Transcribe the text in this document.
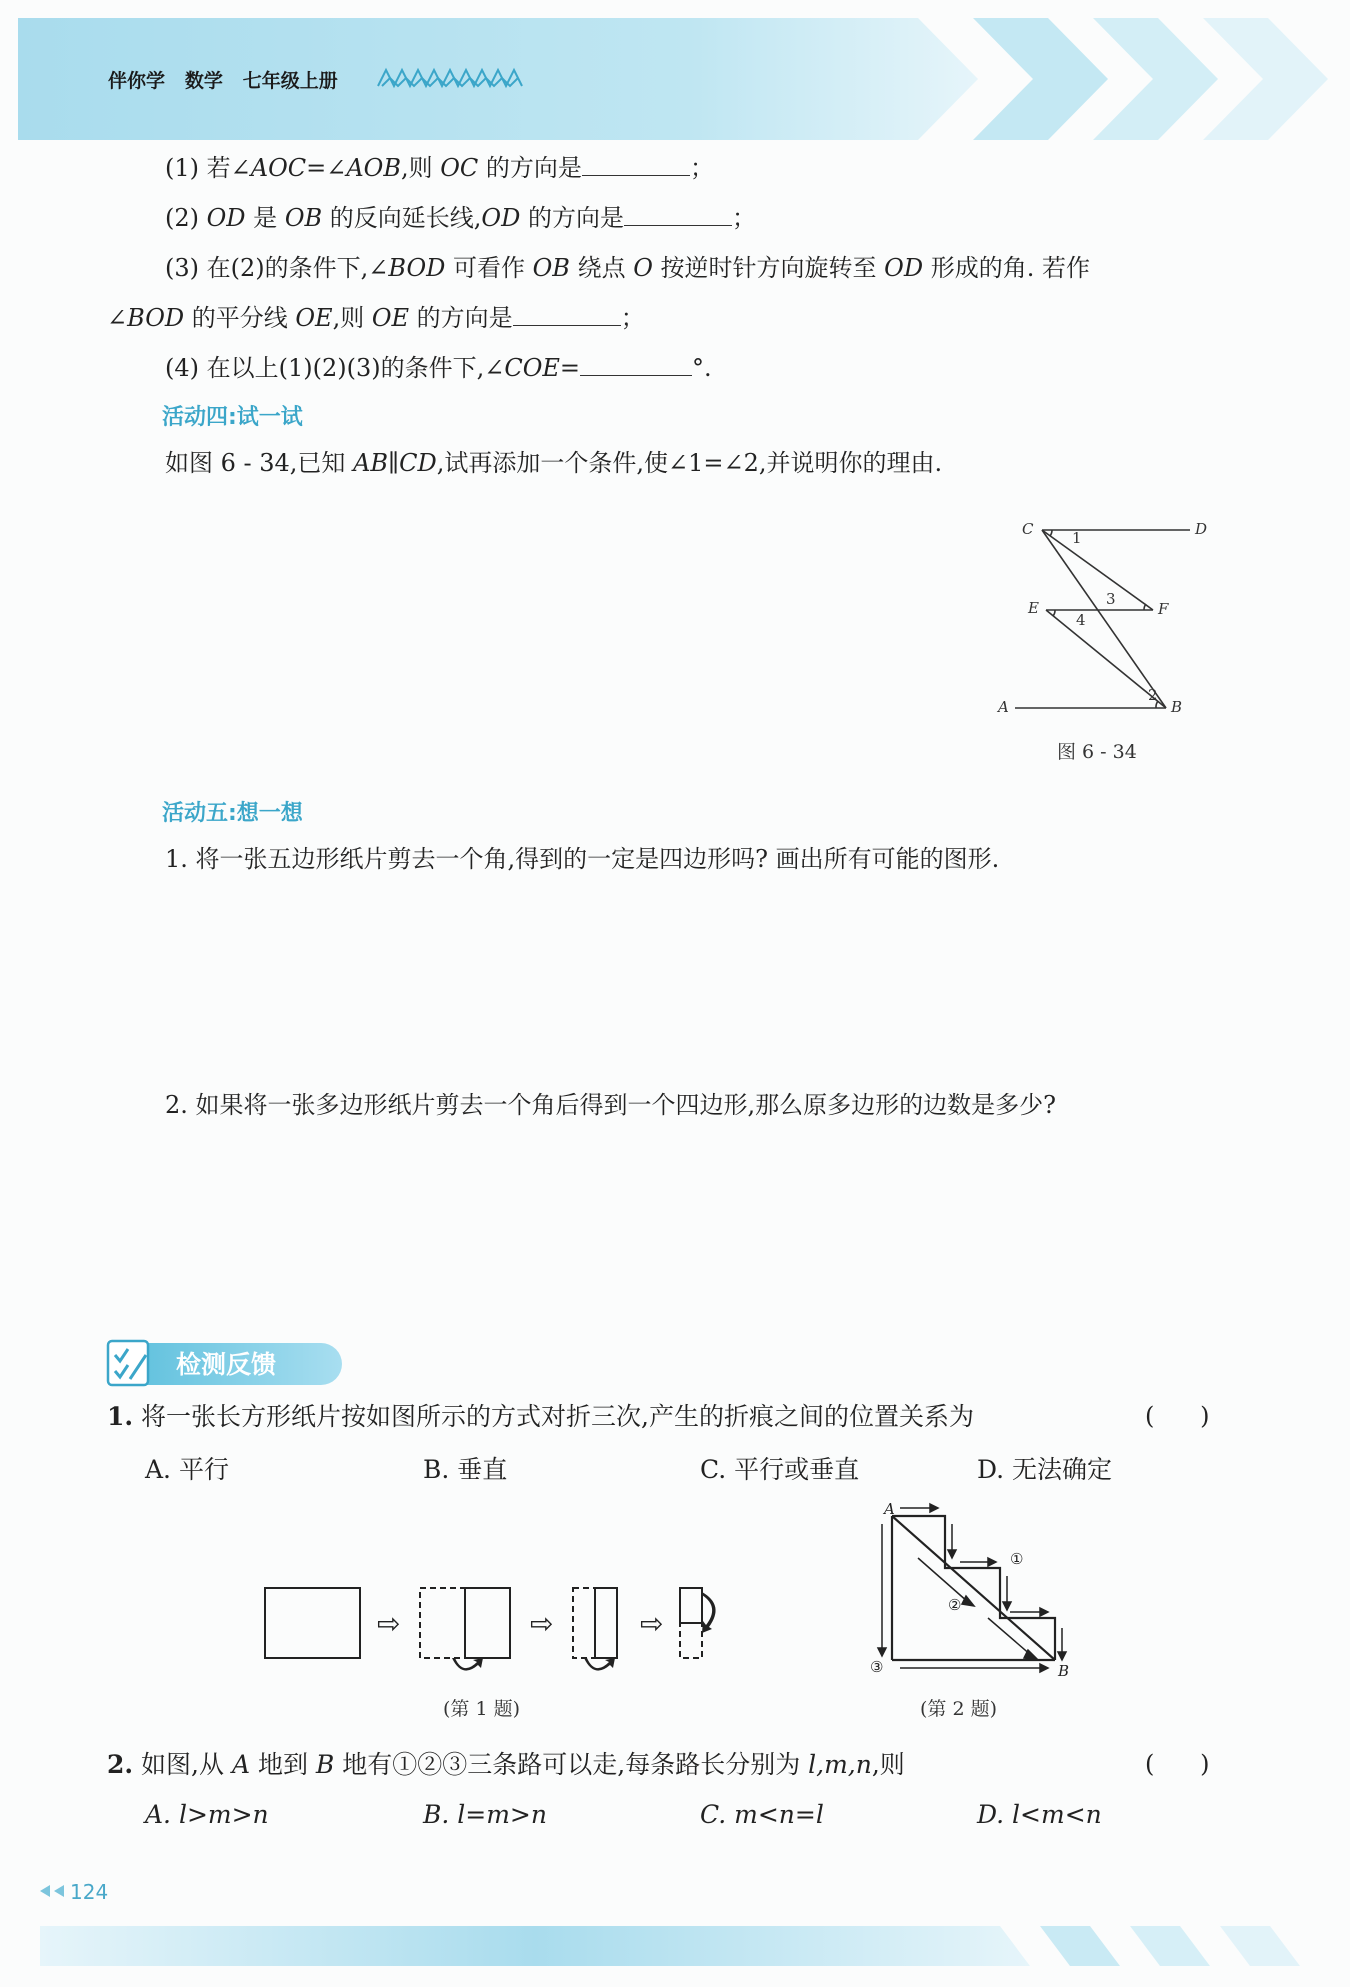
伴你学 数学 七年级上册
(1) 若∠AOC=∠AOB,则 OC 的方向是	；
(2) OD 是 OB 的反向延长线,OD 的方向是	；
(3) 在(2)的条件下,∠BOD 可看作 OB 绕点 O 按逆时针方向旋转至 OD 形成的角. 若作
∠BOD 的平分线 OE,则 OE 的方向是	；
(4) 在以上(1)(2)(3)的条件下,∠COE=	°.
活动四:试一试
如图 6 - 34,已知 AB∥CD,试再添加一个条件,使∠1=∠2,并说明你的理由.
C	D
E	F
A	B
1
2
3
4
图 6 - 34
活动五:想一想
1. 将一张五边形纸片剪去一个角,得到的一定是四边形吗? 画出所有可能的图形.
2. 如果将一张多边形纸片剪去一个角后得到一个四边形,那么原多边形的边数是多少?
检测反馈
1. 将一张长方形纸片按如图所示的方式对折三次,产生的折痕之间的位置关系为	(      )
A. 平行	B. 垂直	C. 平行或垂直	D. 无法确定
⇨	⇨	⇨
(第 1 题)
A
B
①
②
③
(第 2 题)
2. 如图,从 A 地到 B 地有①②③三条路可以走,每条路长分别为 l,m,n,则	(      )
A. l>m>n	B. l=m>n	C. m<n=l	D. l<m<n
124
